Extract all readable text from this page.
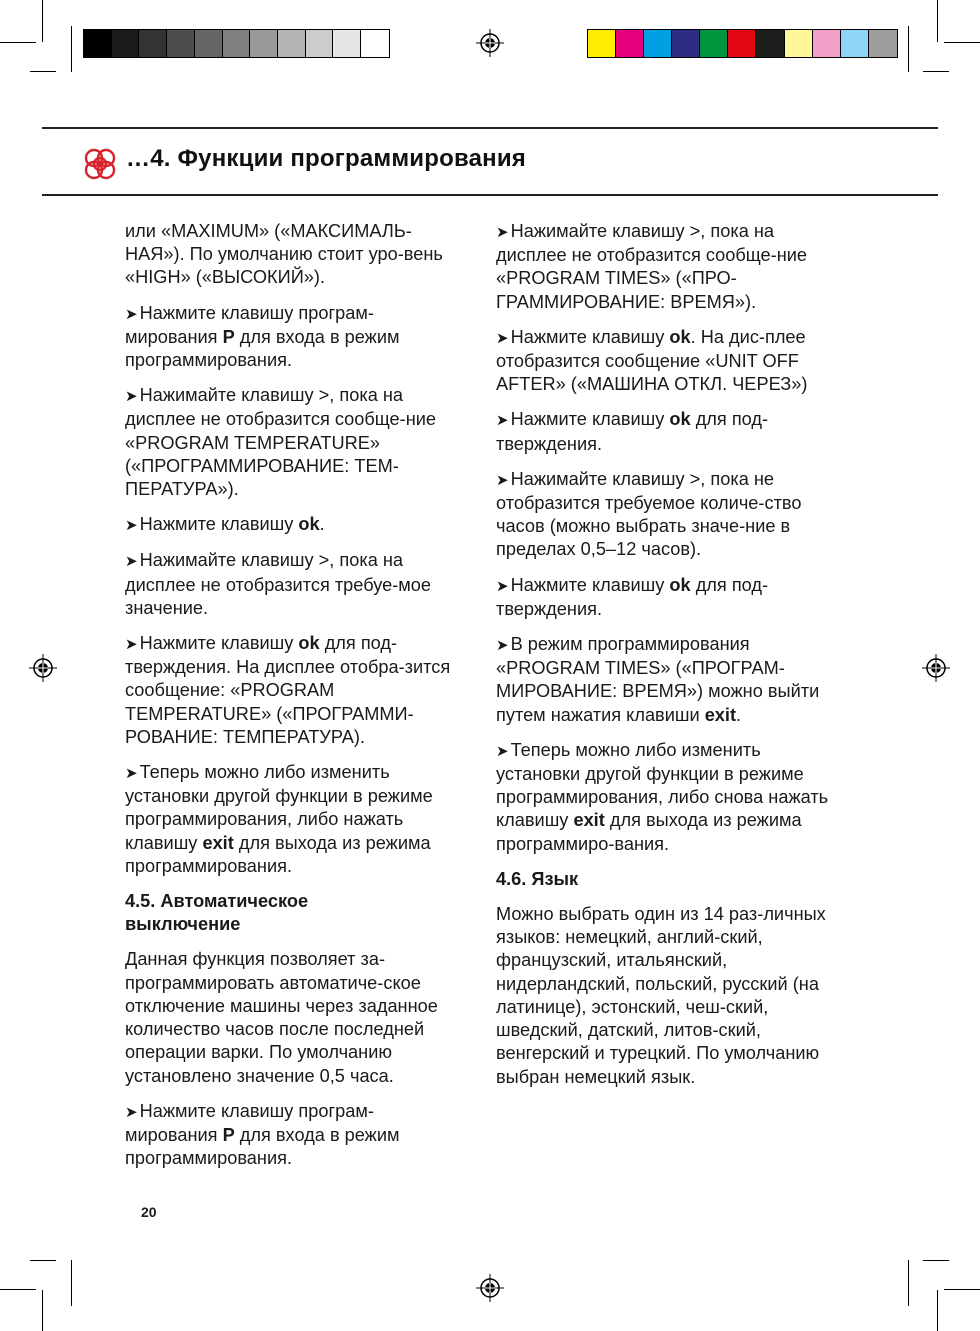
…4. Функции программирования

или «MAXIMUM» («МАКСИМАЛЬ-НАЯ»). По умолчанию стоит уро-вень «HIGH» («ВЫСОКИЙ»).

➤ Нажмите клавишу програм-мирования P для входа в режим программирования.

➤ Нажимайте клавишу >, пока на дисплее не отобразится сообще-ние «PROGRAM TEMPERATURE» («ПРОГРАММИРОВАНИЕ: ТЕМ-ПЕРАТУРА»).

➤ Нажмите клавишу ok.

➤ Нажимайте клавишу >, пока на дисплее не отобразится требуе-мое значение.

➤ Нажмите клавишу ok для под-тверждения. На дисплее отобра-зится сообщение: «PROGRAM TEMPERATURE» («ПРОГРАММИ-РОВАНИЕ: ТЕМПЕРАТУРА).

➤ Теперь можно либо изменить установки другой функции в режиме программирования, либо нажать клавишу exit для выхода из режима программирования.

4.5. Автоматическое выключение

Данная функция позволяет за-программировать автоматиче-ское отключение машины через заданное количество часов после последней операции варки. По умолчанию установлено значение 0,5 часа.

➤ Нажмите клавишу програм-мирования P для входа в режим программирования.

➤ Нажимайте клавишу >, пока на дисплее не отобразится сообще-ние «PROGRAM TIMES» («ПРО-ГРАММИРОВАНИЕ: ВРЕМЯ»).

➤ Нажмите клавишу ok. На дис-плее отобразится сообщение «UNIT OFF AFTER» («МАШИНА ОТКЛ. ЧЕРЕЗ»)

➤ Нажмите клавишу ok для под-тверждения.

➤ Нажимайте клавишу >, пока не отобразится требуемое количе-ство часов (можно выбрать значе-ние в пределах 0,5–12 часов).

➤ Нажмите клавишу ok для под-тверждения.

➤ В режим программирования «PROGRAM TIMES» («ПРОГРАМ-МИРОВАНИЕ: ВРЕМЯ») можно выйти путем нажатия клавиши exit.

➤ Теперь можно либо изменить установки другой функции в режиме программирования, либо снова нажать клавишу exit для выхода из режима программиро-вания.

4.6. Язык

Можно выбрать один из 14 раз-личных языков: немецкий, англий-ский, французский, итальянский, нидерландский, польский, русский (на латинице), эстонский, чеш-ский, шведский, датский, литов-ский, венгерский и турецкий. По умолчанию выбран немецкий язык.

20
